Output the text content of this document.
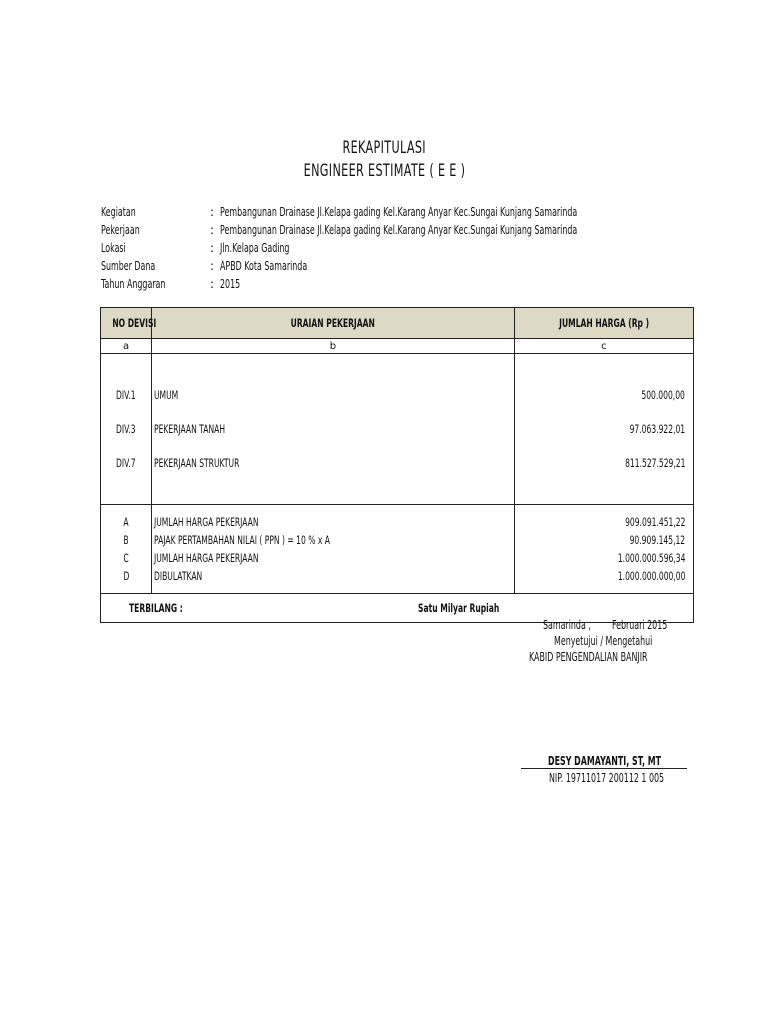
REKAPITULASI
ENGINEER ESTIMATE ( E E )
Kegiatan	: Pembangunan Drainase Jl.Kelapa gading Kel.Karang Anyar Kec.Sungai Kunjang Samarinda
Pekerjaan	: Pembangunan Drainase Jl.Kelapa gading Kel.Karang Anyar Kec.Sungai Kunjang Samarinda
Lokasi	: Jln.Kelapa Gading
Sumber Dana	: APBD Kota Samarinda
Tahun Anggaran	: 2015
NO DEVISI	URAIAN PEKERJAAN	JUMLAH HARGA (Rp )
a	b	c

DIV.1	UMUM	500.000,00
DIV.3	PEKERJAAN TANAH	97.063.922,01
DIV.7	PEKERJAAN STRUKTUR	811.527.529,21

A	JUMLAH HARGA PEKERJAAN	909.091.451,22
B	PAJAK PERTAMBAHAN NILAI ( PPN ) = 10 % x A	90.909.145,12
C	JUMLAH HARGA PEKERJAAN	1.000.000.596,34
D	DIBULATKAN	1.000.000.000,00

TERBILANG : Satu Milyar Rupiah		
Samarinda ,	Februari 2015
Menyetujui / Mengetahui
KABID PENGENDALIAN BANJIR
DESY DAMAYANTI, ST, MT
NIP. 19711017 200112 1 005
